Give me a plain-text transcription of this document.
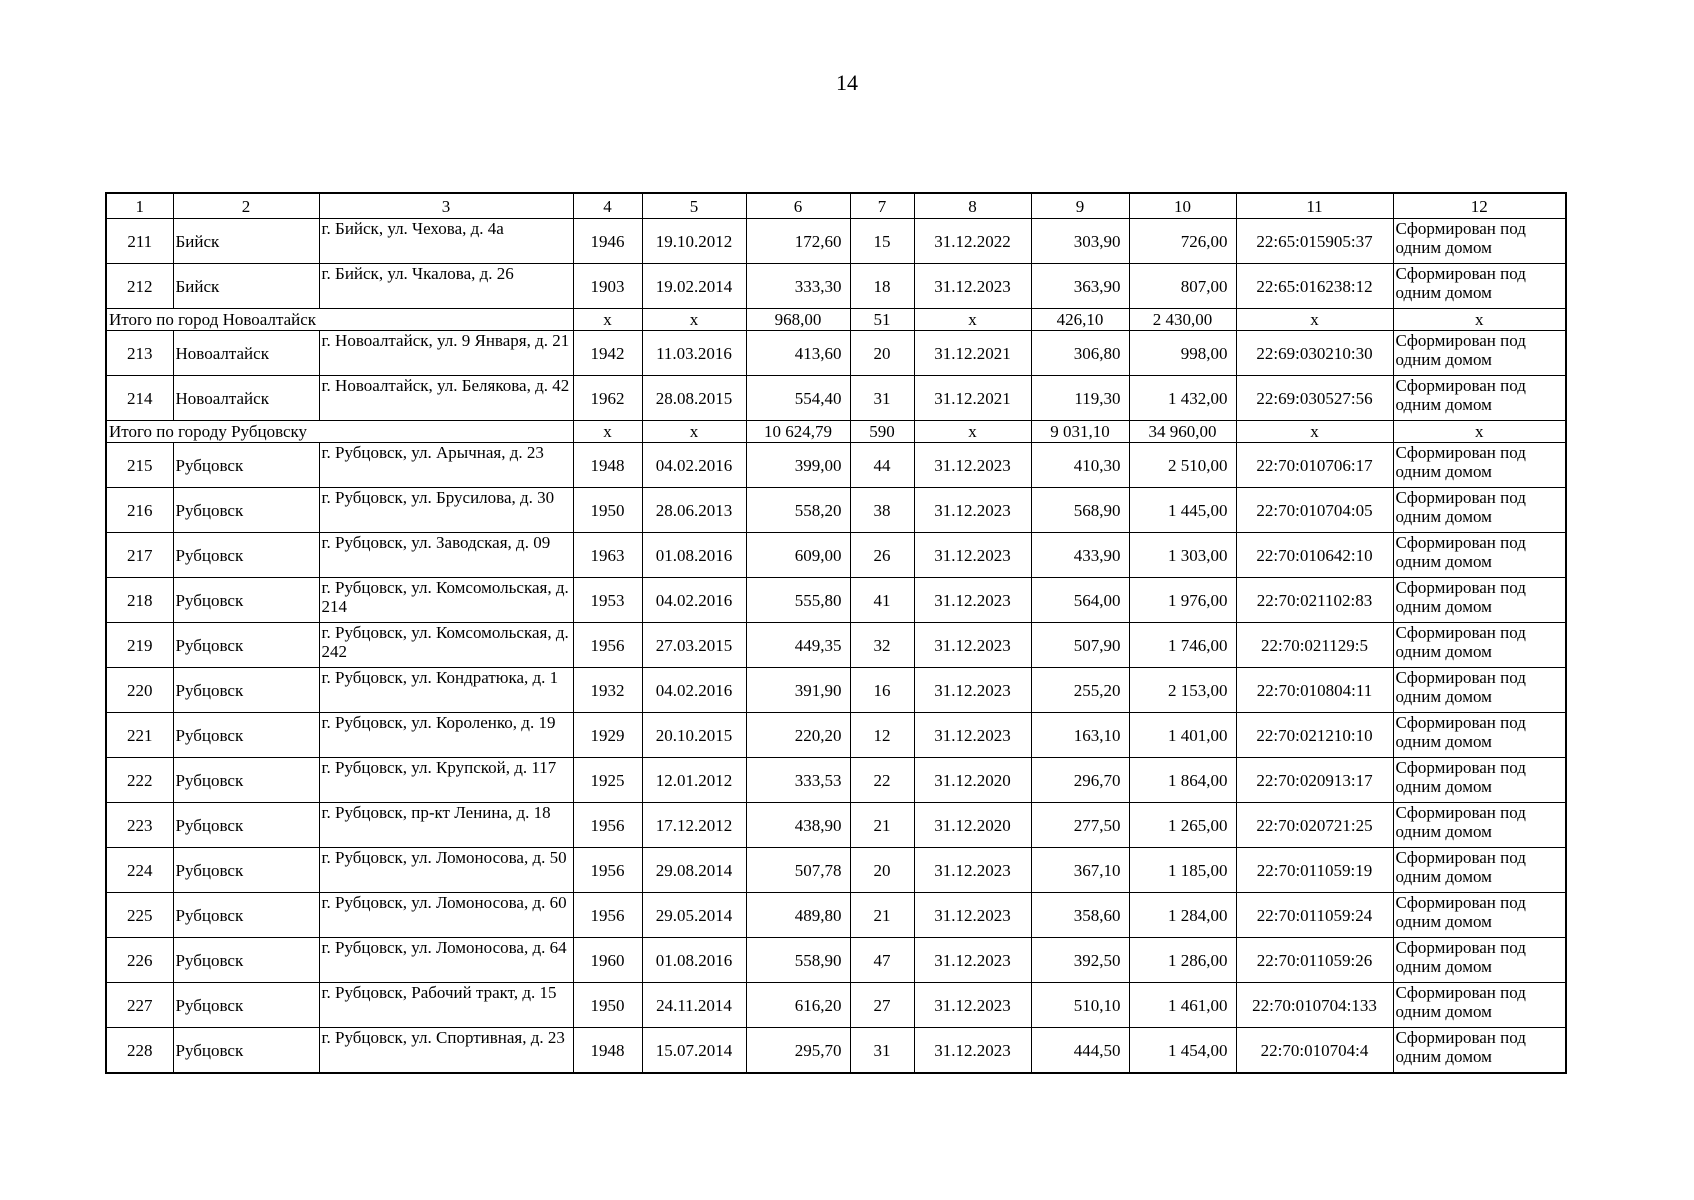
14
1	2	3	4	5	6	7	8	9	10	11	12
211	Бийск	г. Бийск, ул. Чехова, д. 4а	1946	19.10.2012	172,60	15	31.12.2022	303,90	726,00	22:65:015905:37	Сформирован под одним домом
212	Бийск	г. Бийск, ул. Чкалова, д. 26	1903	19.02.2014	333,30	18	31.12.2023	363,90	807,00	22:65:016238:12	Сформирован под одним домом
Итого по город Новоалтайск			x	x	968,00	51	x	426,10	2 430,00	x	x
213	Новоалтайск	г. Новоалтайск, ул. 9 Января, д. 21	1942	11.03.2016	413,60	20	31.12.2021	306,80	998,00	22:69:030210:30	Сформирован под одним домом
214	Новоалтайск	г. Новоалтайск, ул. Белякова, д. 42	1962	28.08.2015	554,40	31	31.12.2021	119,30	1 432,00	22:69:030527:56	Сформирован под одним домом
Итого по городу Рубцовску			x	x	10 624,79	590	x	9 031,10	34 960,00	x	x
215	Рубцовск	г. Рубцовск, ул. Арычная, д. 23	1948	04.02.2016	399,00	44	31.12.2023	410,30	2 510,00	22:70:010706:17	Сформирован под одним домом
216	Рубцовск	г. Рубцовск, ул. Брусилова, д. 30	1950	28.06.2013	558,20	38	31.12.2023	568,90	1 445,00	22:70:010704:05	Сформирован под одним домом
217	Рубцовск	г. Рубцовск, ул. Заводская, д. 09	1963	01.08.2016	609,00	26	31.12.2023	433,90	1 303,00	22:70:010642:10	Сформирован под одним домом
218	Рубцовск	г. Рубцовск, ул. Комсомольская, д. 214	1953	04.02.2016	555,80	41	31.12.2023	564,00	1 976,00	22:70:021102:83	Сформирован под одним домом
219	Рубцовск	г. Рубцовск, ул. Комсомольская, д. 242	1956	27.03.2015	449,35	32	31.12.2023	507,90	1 746,00	22:70:021129:5	Сформирован под одним домом
220	Рубцовск	г. Рубцовск, ул. Кондратюка, д. 1	1932	04.02.2016	391,90	16	31.12.2023	255,20	2 153,00	22:70:010804:11	Сформирован под одним домом
221	Рубцовск	г. Рубцовск, ул. Короленко, д. 19	1929	20.10.2015	220,20	12	31.12.2023	163,10	1 401,00	22:70:021210:10	Сформирован под одним домом
222	Рубцовск	г. Рубцовск, ул. Крупской, д. 117	1925	12.01.2012	333,53	22	31.12.2020	296,70	1 864,00	22:70:020913:17	Сформирован под одним домом
223	Рубцовск	г. Рубцовск, пр-кт Ленина, д. 18	1956	17.12.2012	438,90	21	31.12.2020	277,50	1 265,00	22:70:020721:25	Сформирован под одним домом
224	Рубцовск	г. Рубцовск, ул. Ломоносова, д. 50	1956	29.08.2014	507,78	20	31.12.2023	367,10	1 185,00	22:70:011059:19	Сформирован под одним домом
225	Рубцовск	г. Рубцовск, ул. Ломоносова, д. 60	1956	29.05.2014	489,80	21	31.12.2023	358,60	1 284,00	22:70:011059:24	Сформирован под одним домом
226	Рубцовск	г. Рубцовск, ул. Ломоносова, д. 64	1960	01.08.2016	558,90	47	31.12.2023	392,50	1 286,00	22:70:011059:26	Сформирован под одним домом
227	Рубцовск	г. Рубцовск, Рабочий тракт, д. 15	1950	24.11.2014	616,20	27	31.12.2023	510,10	1 461,00	22:70:010704:133	Сформирован под одним домом
228	Рубцовск	г. Рубцовск, ул. Спортивная, д. 23	1948	15.07.2014	295,70	31	31.12.2023	444,50	1 454,00	22:70:010704:4	Сформирован под одним домом
